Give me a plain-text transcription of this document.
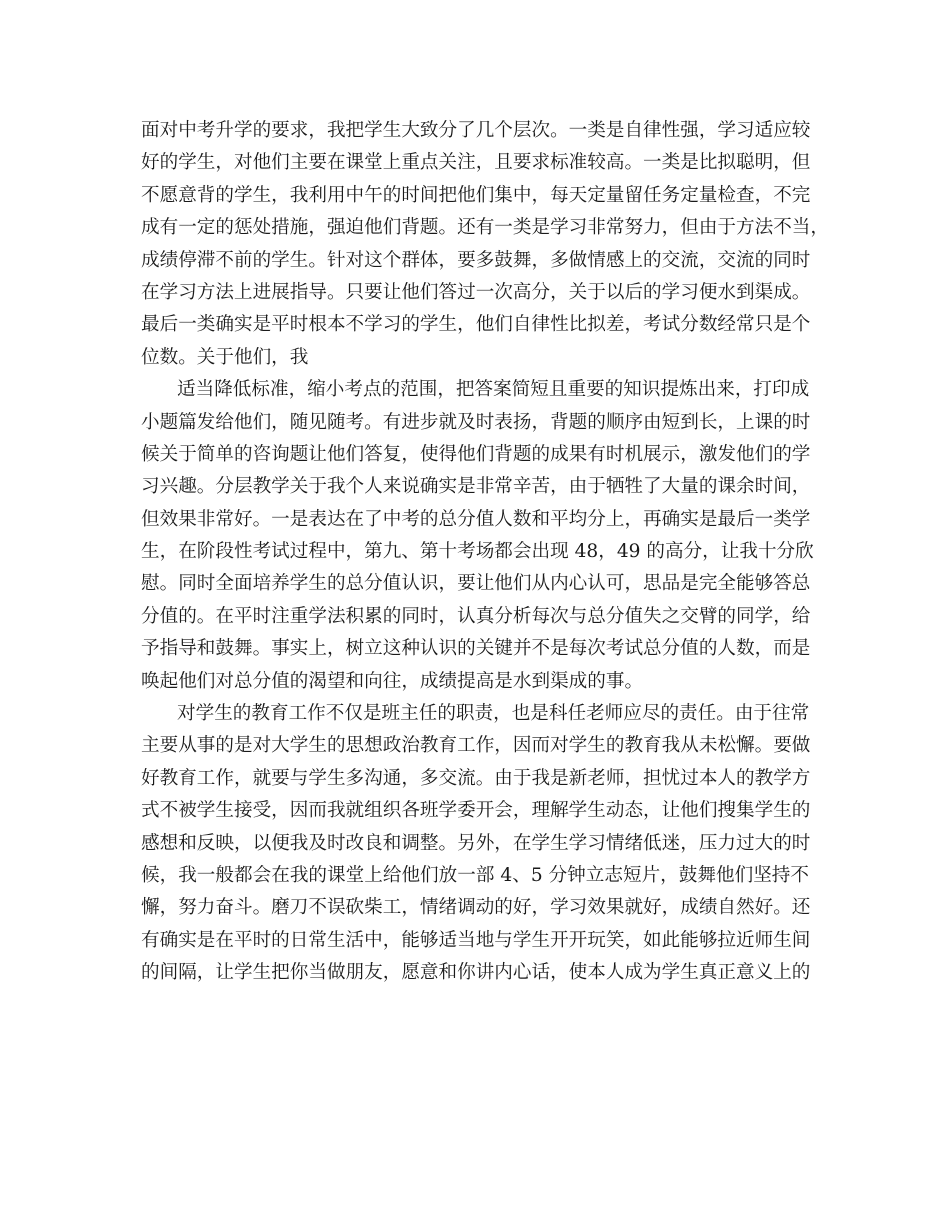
面对中考升学的要求，我把学生大致分了几个层次。一类是自律性强，学习适应较
好的学生，对他们主要在课堂上重点关注，且要求标准较高。一类是比拟聪明，但
不愿意背的学生，我利用中午的时间把他们集中，每天定量留任务定量检查，不完
成有一定的惩处措施，强迫他们背题。还有一类是学习非常努力，但由于方法不当，
成绩停滞不前的学生。针对这个群体，要多鼓舞，多做情感上的交流，交流的同时
在学习方法上进展指导。只要让他们答过一次高分，关于以后的学习便水到渠成。
最后一类确实是平时根本不学习的学生，他们自律性比拟差，考试分数经常只是个
位数。关于他们，我
适当降低标准，缩小考点的范围，把答案简短且重要的知识提炼出来，打印成
小题篇发给他们，随见随考。有进步就及时表扬，背题的顺序由短到长，上课的时
候关于简单的咨询题让他们答复，使得他们背题的成果有时机展示，激发他们的学
习兴趣。分层教学关于我个人来说确实是非常辛苦，由于牺牲了大量的课余时间，
但效果非常好。一是表达在了中考的总分值人数和平均分上，再确实是最后一类学
生，在阶段性考试过程中，第九、第十考场都会出现 48，49 的高分，让我十分欣
慰。同时全面培养学生的总分值认识，要让他们从内心认可，思品是完全能够答总
分值的。在平时注重学法积累的同时，认真分析每次与总分值失之交臂的同学，给
予指导和鼓舞。事实上，树立这种认识的关键并不是每次考试总分值的人数，而是
唤起他们对总分值的渴望和向往，成绩提高是水到渠成的事。
对学生的教育工作不仅是班主任的职责，也是科任老师应尽的责任。由于往常
主要从事的是对大学生的思想政治教育工作，因而对学生的教育我从未松懈。要做
好教育工作，就要与学生多沟通，多交流。由于我是新老师，担忧过本人的教学方
式不被学生接受，因而我就组织各班学委开会，理解学生动态，让他们搜集学生的
感想和反映，以便我及时改良和调整。另外，在学生学习情绪低迷，压力过大的时
候，我一般都会在我的课堂上给他们放一部 4、5 分钟立志短片，鼓舞他们坚持不
懈，努力奋斗。磨刀不误砍柴工，情绪调动的好，学习效果就好，成绩自然好。还
有确实是在平时的日常生活中，能够适当地与学生开开玩笑，如此能够拉近师生间
的间隔，让学生把你当做朋友，愿意和你讲内心话，使本人成为学生真正意义上的
